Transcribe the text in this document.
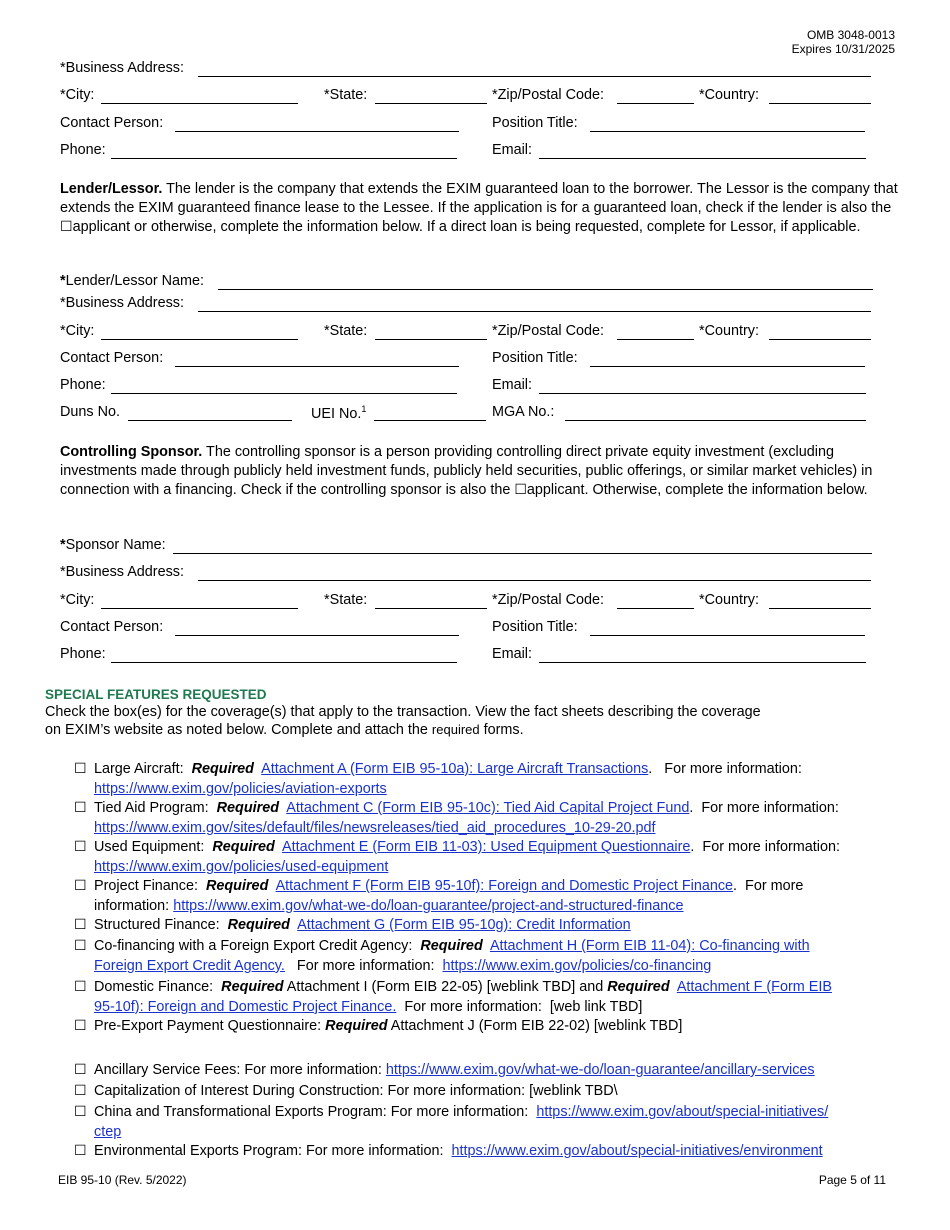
OMB 3048-0013
Expires 10/31/2025
*Business Address:
*City:	*State:	*Zip/Postal Code:	*Country:
Contact Person:	Position Title:
Phone:	Email:
Lender/Lessor. The lender is the company that extends the EXIM guaranteed loan to the borrower. The Lessor is the company that extends the EXIM guaranteed finance lease to the Lessee. If the application is for a guaranteed loan, check if the lender is also the ☐applicant or otherwise, complete the information below. If a direct loan is being requested, complete for Lessor, if applicable.
*Lender/Lessor Name:
*Business Address:
*City:	*State:	*Zip/Postal Code:	*Country:
Contact Person:	Position Title:
Phone:	Email:
Duns No.	UEI No.$^1$	MGA No.:
Controlling Sponsor. The controlling sponsor is a person providing controlling direct private equity investment (excluding investments made through publicly held investment funds, publicly held securities, public offerings, or similar market vehicles) in connection with a financing. Check if the controlling sponsor is also the ☐applicant. Otherwise, complete the information below.
*Sponsor Name:
*Business Address:
*City:	*State:	*Zip/Postal Code:	*Country:
Contact Person:	Position Title:
Phone:	Email:
SPECIAL FEATURES REQUESTED
Check the box(es) for the coverage(s) that apply to the transaction. View the fact sheets describing the coverage
on EXIM’s website as noted below. Complete and attach the required forms.
☐ Large Aircraft: Required Attachment A (Form EIB 95-10a): Large Aircraft Transactions.   For more information:
https://www.exim.gov/policies/aviation-exports
☐ Tied Aid Program: Required Attachment C (Form EIB 95-10c): Tied Aid Capital Project Fund.  For more information:
https://www.exim.gov/sites/default/files/newsreleases/tied_aid_procedures_10-29-20.pdf
☐ Used Equipment: Required Attachment E (Form EIB 11-03): Used Equipment Questionnaire.  For more information:
https://www.exim.gov/policies/used-equipment
☐ Project Finance: Required Attachment F (Form EIB 95-10f): Foreign and Domestic Project Finance.  For more
information: https://www.exim.gov/what-we-do/loan-guarantee/project-and-structured-finance
☐ Structured Finance: Required Attachment G (Form EIB 95-10g): Credit Information
☐ Co-financing with a Foreign Export Credit Agency: Required Attachment H (Form EIB 11-04): Co-financing with
Foreign Export Credit Agency. For more information: https://www.exim.gov/policies/co-financing
☐ Domestic Finance: Required Attachment I (Form EIB 22-05) [weblink TBD] and Required Attachment F (Form EIB
95-10f): Foreign and Domestic Project Finance. For more information: [web link TBD]
☐ Pre-Export Payment Questionnaire: Required Attachment J (Form EIB 22-02) [weblink TBD]
☐ Ancillary Service Fees: For more information: https://www.exim.gov/what-we-do/loan-guarantee/ancillary-services
☐ Capitalization of Interest During Construction: For more information: [weblink TBD\
☐ China and Transformational Exports Program: For more information: https://www.exim.gov/about/special-initiatives/
ctep
☐ Environmental Exports Program: For more information: https://www.exim.gov/about/special-initiatives/environment
EIB 95-10 (Rev. 5/2022)	Page 5 of 11
